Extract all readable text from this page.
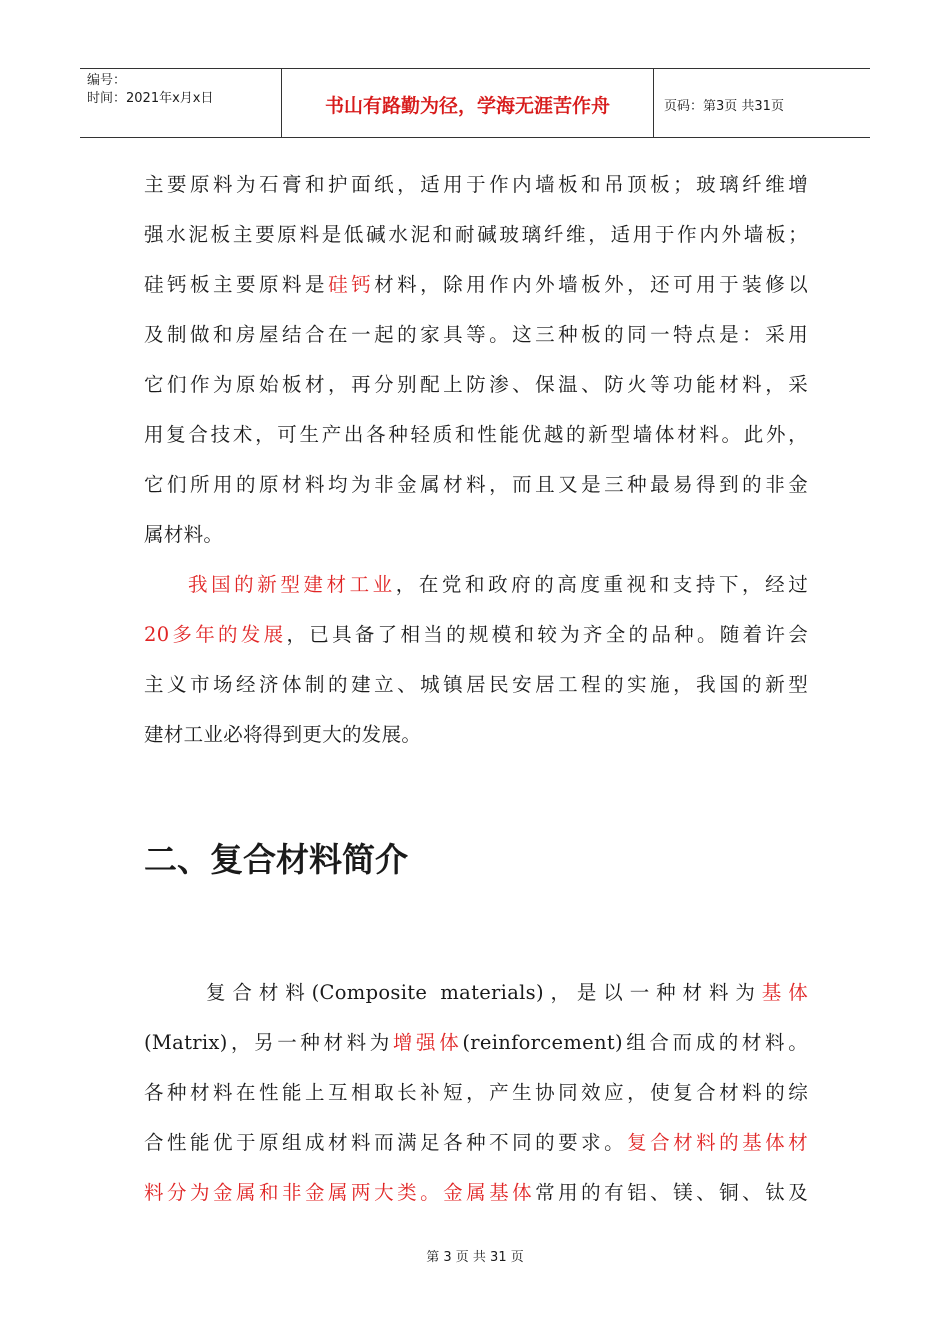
编号：
时间：2021年x月x日	书山有路勤为径，学海无涯苦作舟	页码：第3页 共31页

主要原料为石膏和护面纸，适用于作内墙板和吊顶板；玻璃纤维增

强水泥板主要原料是低碱水泥和耐碱玻璃纤维，适用于作内外墙板；

硅钙板主要原料是硅钙材料，除用作内外墙板外，还可用于装修以

及制做和房屋结合在一起的家具等。这三种板的同一特点是：采用

它们作为原始板材，再分别配上防渗、保温、防火等功能材料，采

用复合技术，可生产出各种轻质和性能优越的新型墙体材料。此外，

它们所用的原材料均为非金属材料，而且又是三种最易得到的非金

属材料。

我国的新型建材工业，在党和政府的高度重视和支持下，经过

20多年的发展，已具备了相当的规模和较为齐全的品种。随着许会

主义市场经济体制的建立、城镇居民安居工程的实施，我国的新型

建材工业必将得到更大的发展。

二、复合材料简介

复合材料(Composite materials)，是以一种材料为基体

(Matrix)，另一种材料为增强体(reinforcement)组合而成的材料。

各种材料在性能上互相取长补短，产生协同效应，使复合材料的综

合性能优于原组成材料而满足各种不同的要求。复合材料的基体材

料分为金属和非金属两大类。金属基体常用的有铝、镁、铜、钛及

第 3 页 共 31 页
